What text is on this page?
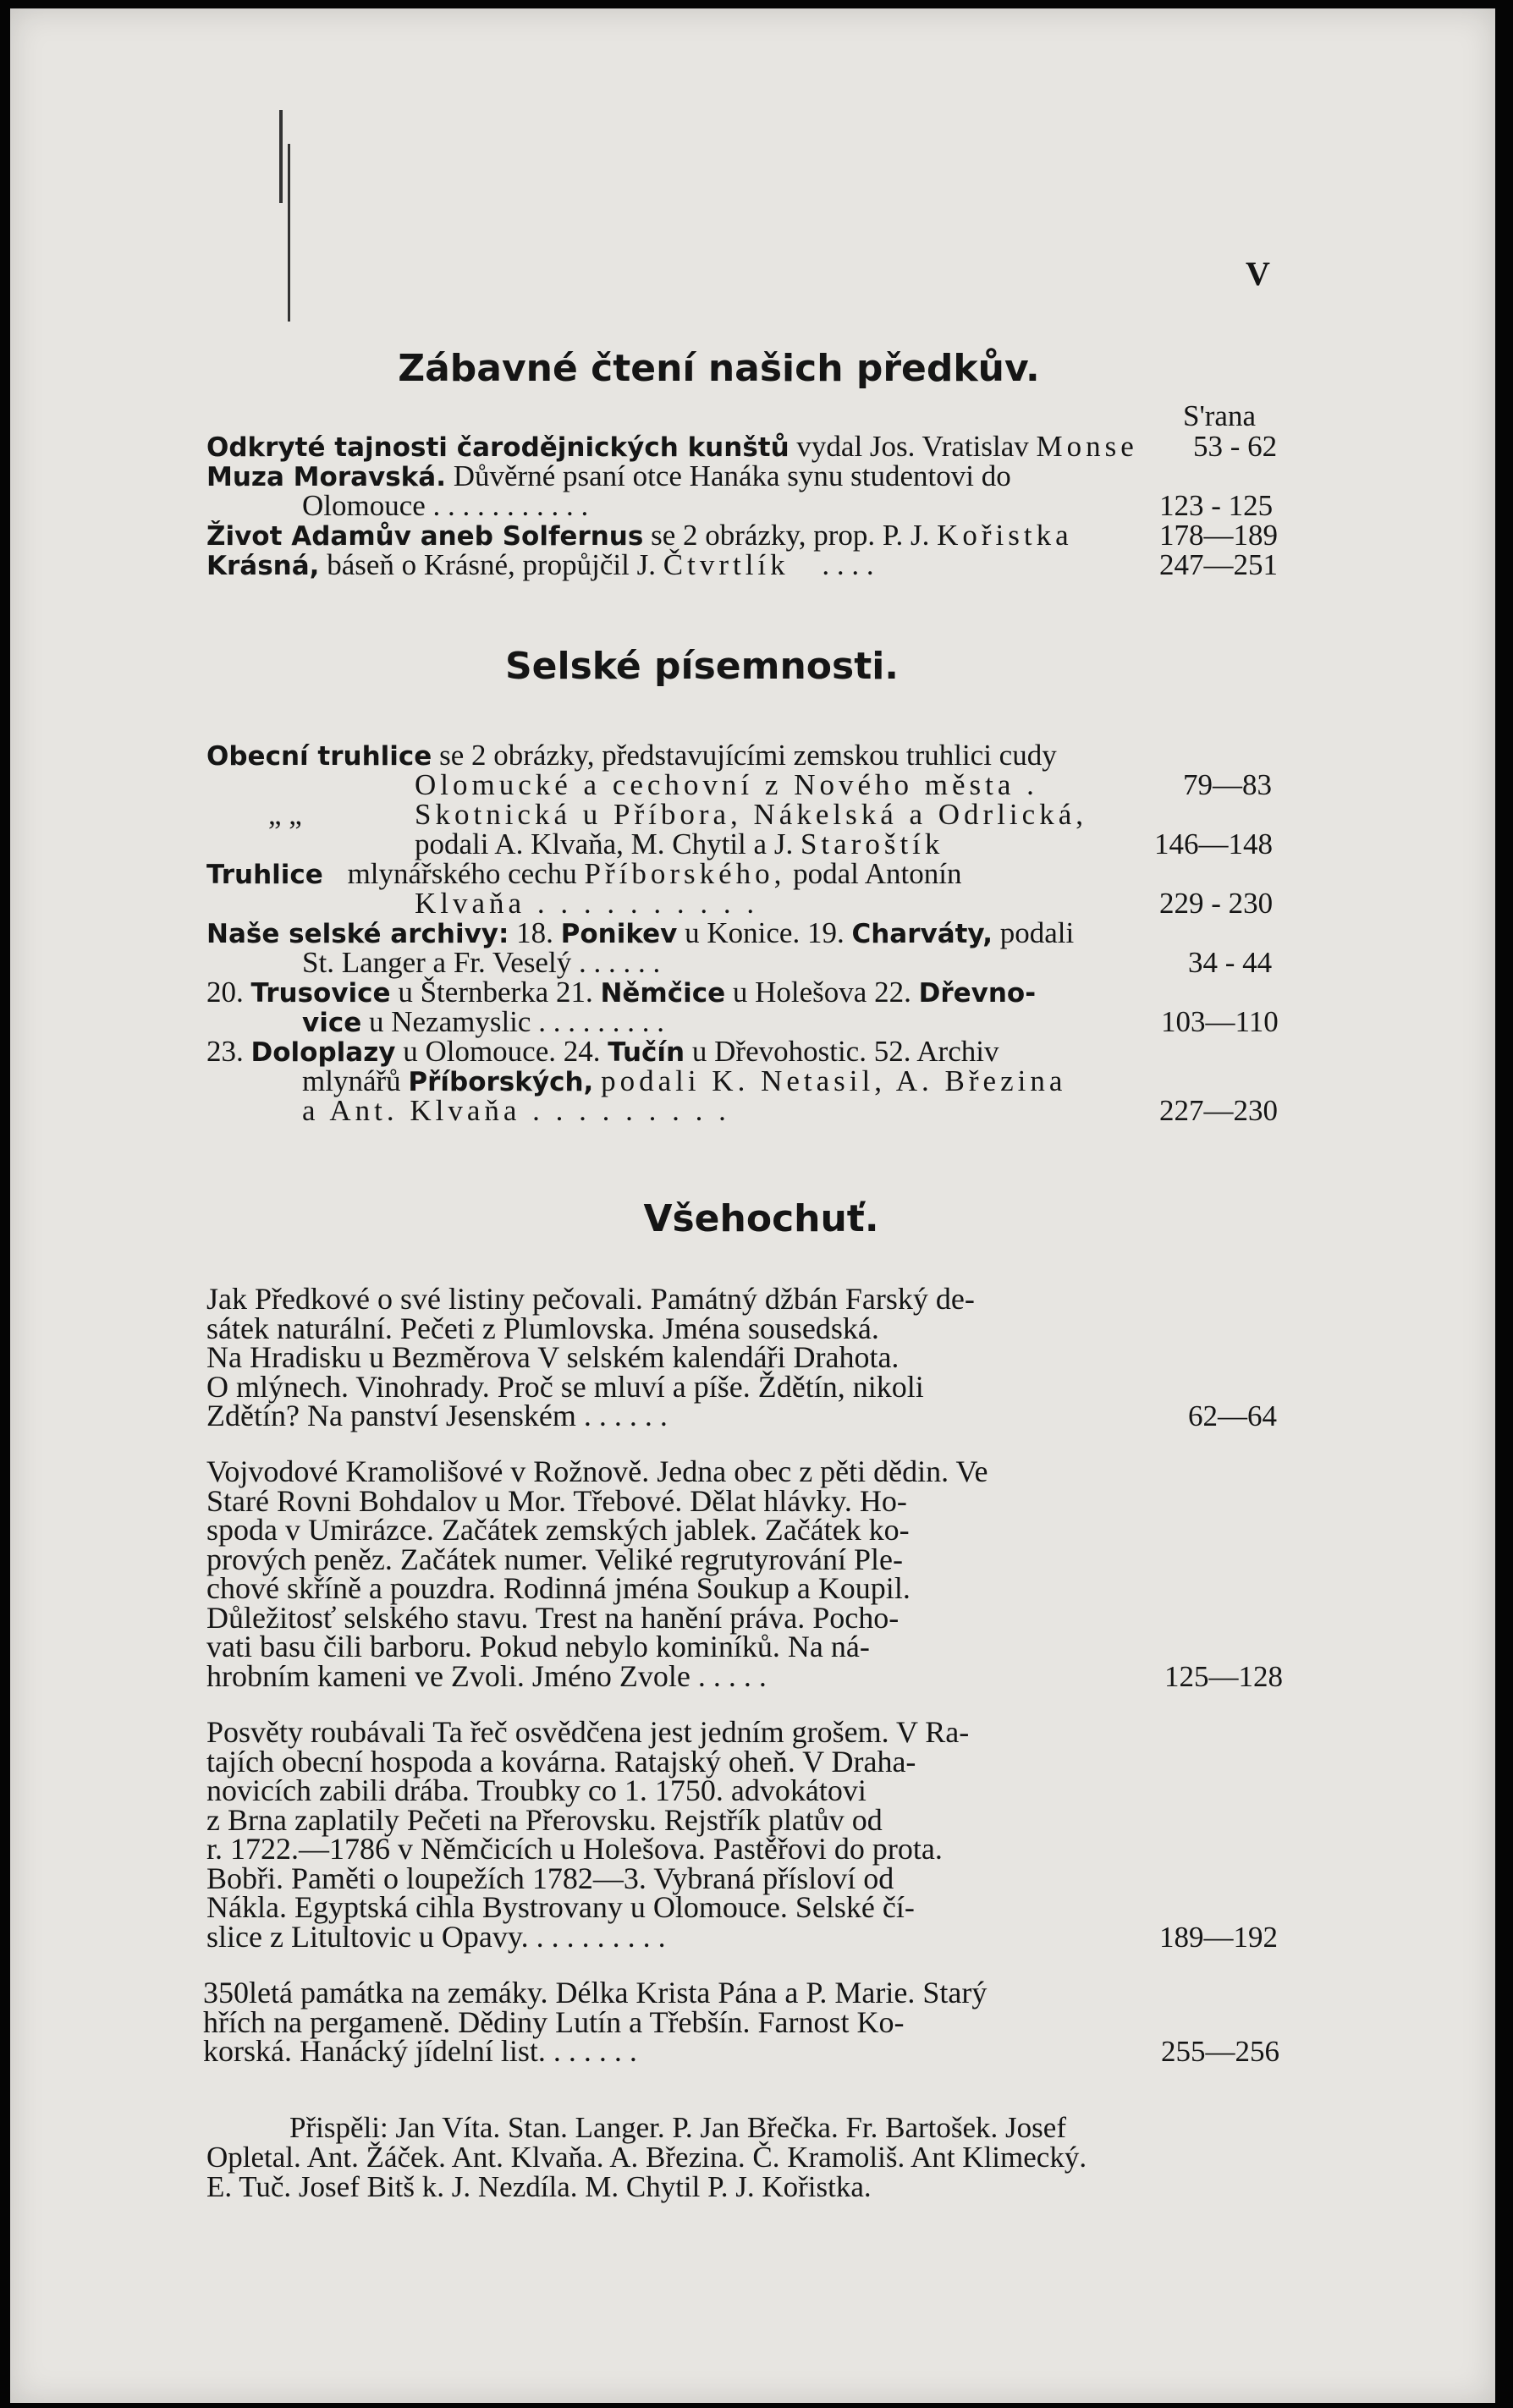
V
Zábavné čtení našich předkův.
S'rana
Odkryté tajnosti čarodějnických kunštů vydal Jos. Vratislav Monse 53 - 62
Muza Moravská. Důvěrné psaní otce Hanáka synu studentovi do
Olomouce . . . . . . . . . . .	123 - 125
Život Adamův aneb Solfernus se 2 obrázky, prop. P. J. Kořistka	178—189
Krásná, báseň o Krásné, propůjčil J. Čtvrtlík . . . .	247—251
Selské písemnosti.
Obecní truhlice se 2 obrázky, představujícími zemskou truhlici cudy
Olomucké a cechovní z Nového města .	79—83
„ „	Skotnická u Příbora, Nákelská a Odrlická,
podali A. Klvaňa, M. Chytil a J. Staroštík	146—148
Truhlice mlynářského cechu Příborského, podal Antonín
Klvaňa . . . . . . . . . .	229 - 230
Naše selské archivy: 18. Ponikev u Konice. 19. Charváty, podali
St. Langer a Fr. Veselý . . . . . .	34 - 44
20. Trusovice u Šternberka 21. Němčice u Holešova 22. Dřevno-
vice u Nezamyslic . . . . . . . . .	103—110
23. Doloplazy u Olomouce. 24. Tučín u Dřevohostic. 52. Archiv
mlynářů Příborských, podali K. Netasil, A. Březina
a Ant. Klvaňa . . . . . . . . .	227—230
Všehochuť.
Jak Předkové o své listiny pečovali. Památný džbán Farský de-
sátek naturální. Pečeti z Plumlovska. Jména sousedská.
Na Hradisku u Bezměrova V selském kalendáři Drahota.
O mlýnech. Vinohrady. Proč se mluví a píše. Ždětín, nikoli
Zdětín? Na panství Jesenském . . . . . .	62—64
Vojvodové Kramolišové v Rožnově. Jedna obec z pěti dědin. Ve
Staré Rovni Bohdalov u Mor. Třebové. Dělat hlávky. Ho-
spoda v Umirázce. Začátek zemských jablek. Začátek ko-
prových peněz. Začátek numer. Veliké regrutyrování Ple-
chové skříně a pouzdra. Rodinná jména Soukup a Koupil.
Důležitosť selského stavu. Trest na hanění práva. Pocho-
vati basu čili barboru. Pokud nebylo kominíků. Na ná-
hrobním kameni ve Zvoli. Jméno Zvole . . . . .	125—128
Posvěty roubávali Ta řeč osvědčena jest jedním grošem. V Ra-
tajích obecní hospoda a kovárna. Ratajský oheň. V Draha-
novicích zabili drába. Troubky co 1. 1750. advokátovi
z Brna zaplatily Pečeti na Přerovsku. Rejstřík platův od
r. 1722.—1786 v Němčicích u Holešova. Pastěřovi do prota.
Bobři. Paměti o loupežích 1782—3. Vybraná přísloví od
Nákla. Egyptská cihla Bystrovany u Olomouce. Selské čí-
slice z Litultovic u Opavy. . . . . . . . . .	189—192
350letá památka na zemáky. Délka Krista Pána a P. Marie. Starý
hřích na pergameně. Dědiny Lutín a Třebšín. Farnost Ko-
korská. Hanácký jídelní list. . . . . . .	255—256
Přispěli: Jan Víta. Stan. Langer. P. Jan Břečka. Fr. Bartošek. Josef
Opletal. Ant. Žáček. Ant. Klvaňa. A. Březina. Č. Kramoliš. Ant Klimecký.
E. Tuč. Josef Bitš k. J. Nezdíla. M. Chytil P. J. Kořistka.
